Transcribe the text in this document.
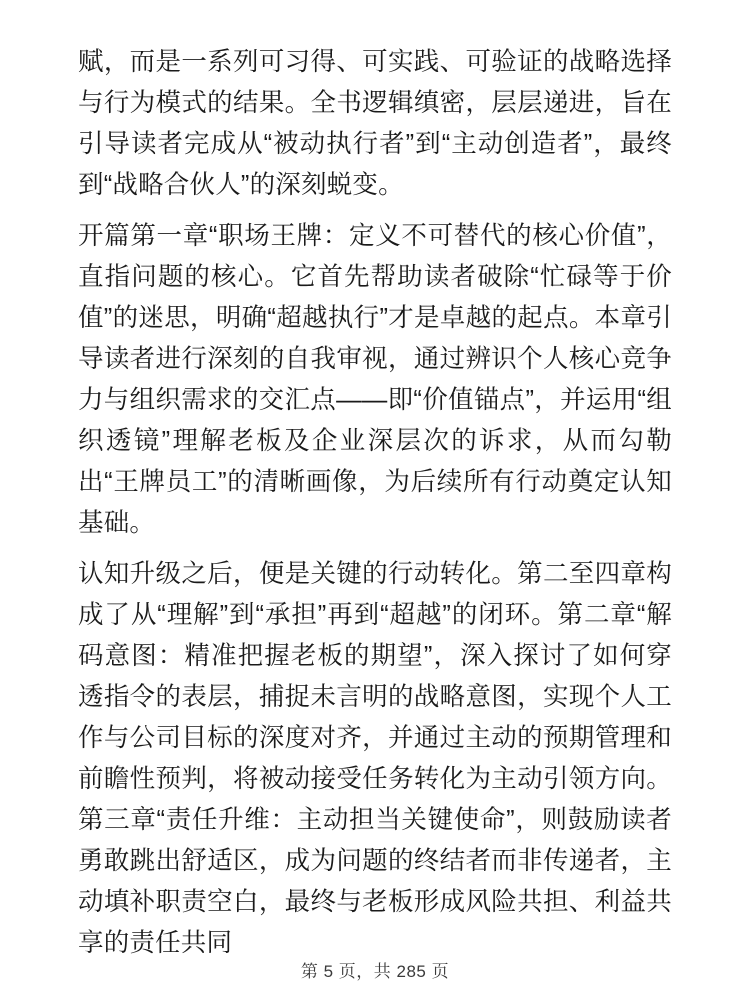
赋，而是一系列可习得、可实践、可验证的战略选择与行为模式的结果。全书逻辑缜密，层层递进，旨在引导读者完成从“被动执行者”到“主动创造者”，最终到“战略合伙人”的深刻蜕变。

开篇第一章“职场王牌：定义不可替代的核心价值”，直指问题的核心。它首先帮助读者破除“忙碌等于价值”的迷思，明确“超越执行”才是卓越的起点。本章引导读者进行深刻的自我审视，通过辨识个人核心竞争力与组织需求的交汇点——即“价值锚点”，并运用“组织透镜”理解老板及企业深层次的诉求，从而勾勒出“王牌员工”的清晰画像，为后续所有行动奠定认知基础。

认知升级之后，便是关键的行动转化。第二至四章构成了从“理解”到“承担”再到“超越”的闭环。第二章“解码意图：精准把握老板的期望”，深入探讨了如何穿透指令的表层，捕捉未言明的战略意图，实现个人工作与公司目标的深度对齐，并通过主动的预期管理和前瞻性预判，将被动接受任务转化为主动引领方向。第三章“责任升维：主动担当关键使命”，则鼓励读者勇敢跳出舒适区，成为问题的终结者而非传递者，主动填补职责空白，最终与老板形成风险共担、利益共享的责任共同

第 5 页，共 285 页
